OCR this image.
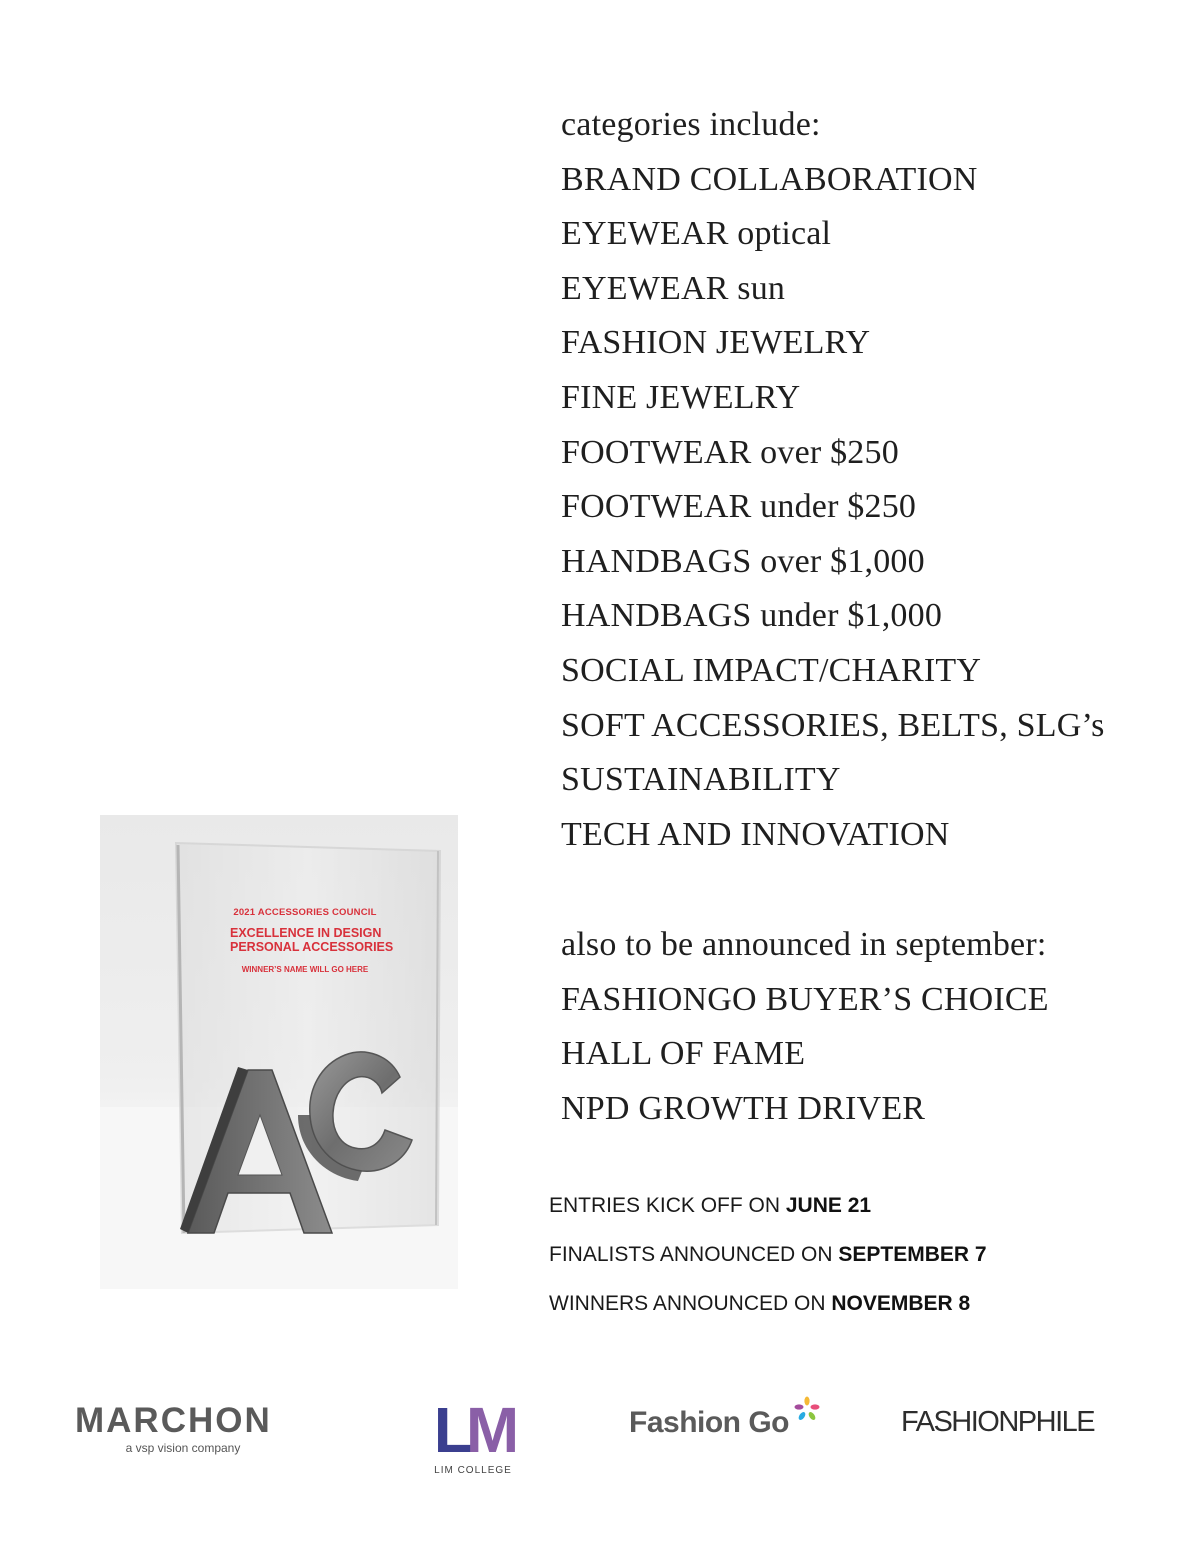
categories include:
BRAND COLLABORATION
EYEWEAR optical
EYEWEAR sun
FASHION JEWELRY
FINE JEWELRY
FOOTWEAR over $250
FOOTWEAR under $250
HANDBAGS over $1,000
HANDBAGS under $1,000
SOCIAL IMPACT/CHARITY
SOFT ACCESSORIES, BELTS, SLG’s
SUSTAINABILITY
TECH AND INNOVATION
also to be announced in september:
FASHIONGO BUYER’S CHOICE
HALL OF FAME
NPD GROWTH DRIVER
ENTRIES KICK OFF ON JUNE 21
FINALISTS ANNOUNCED ON SEPTEMBER 7
WINNERS ANNOUNCED ON NOVEMBER 8
2021 ACCESSORIES COUNCIL
EXCELLENCE IN DESIGN
PERSONAL ACCESSORIES
WINNER’S NAME WILL GO HERE
MARCHON
a vsp vision company	LM
LIM COLLEGE
Fashion Go	FASHIONPHILE
